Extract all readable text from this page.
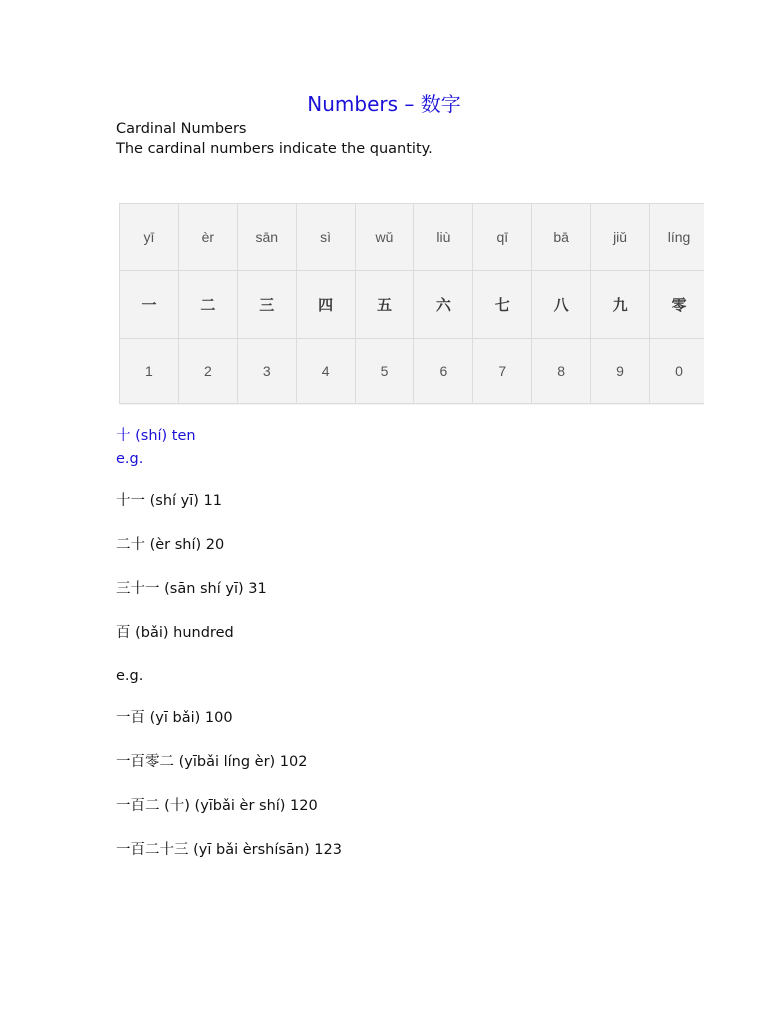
Numbers – 数字
Cardinal Numbers
The cardinal numbers indicate the quantity.
yī	èr	sān	sì	wǔ	liù	qī	bā	jiǔ	líng
一	二	三	四	五	六	七	八	九	零
1	2	3	4	5	6	7	8	9	0
十 (shí) ten
e.g.
十一 (shí yī) 11
二十 (èr shí) 20
三十一 (sān shí yī) 31
百 (bǎi) hundred
e.g.
一百 (yī bǎi) 100
一百零二 (yībǎi líng èr) 102
一百二 (十) (yībǎi èr shí) 120
一百二十三 (yī bǎi èrshísān) 123
